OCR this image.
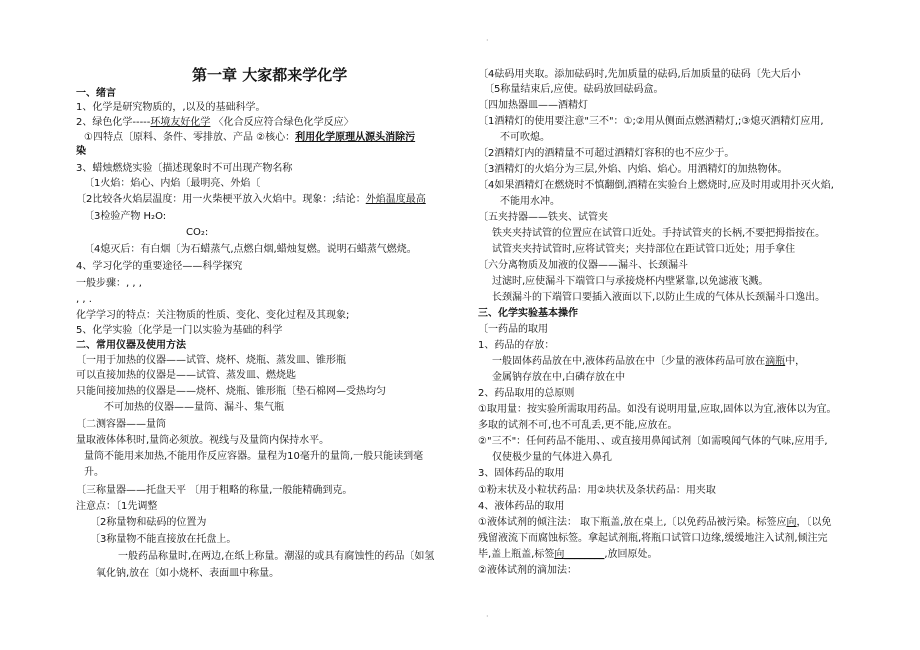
·
·

第一章 大家都来学化学

一、绪言

1、化学是研究物质的，,以及的基础科学。

2、绿色化学-----环境友好化学 〈化合反应符合绿色化学反应〉

①四特点〔原料、条件、零排放、产品 ②核心：利用化学原理从源头消除污

染

3、蜡烛燃烧实验〔描述现象时不可出现产物名称

〔1火焰：焰心、内焰〔最明亮、外焰〔

〔2比较各火焰层温度：用一火柴梗平放入火焰中。现象：;结论：外焰温度最高

〔3检验产物 H₂O:

CO₂:

〔4熄灭后：有白烟〔为石蜡蒸气,点燃白烟,蜡烛复燃。说明石蜡蒸气燃烧。

4、学习化学的重要途径——科学探究

一般步骤：, , ,

, , .

化学学习的特点：关注物质的性质、变化、变化过程及其现象;

5、化学实验〔化学是一门以实验为基础的科学

二、常用仪器及使用方法

〔一用于加热的仪器——试管、烧杯、烧瓶、蒸发皿、锥形瓶

可以直接加热的仪器是——试管、蒸发皿、燃烧匙

只能间接加热的仪器是——烧杯、烧瓶、锥形瓶〔垫石棉网—受热均匀

不可加热的仪器——量筒、漏斗、集气瓶

〔二测容器——量筒

量取液体体积时,量筒必须放。视线与及量筒内保持水平。

量筒不能用来加热,不能用作反应容器。量程为10毫升的量筒,一般只能读到毫

升。

〔三称量器——托盘天平 〔用于粗略的称量,一般能精确到克。

注意点：〔1先调整

〔2称量物和砝码的位置为

〔3称量物不能直接放在托盘上。

一般药品称量时,在两边,在纸上称量。潮湿的或具有腐蚀性的药品〔如氢

氧化钠,放在〔如小烧杯、表面皿中称量。

〔4砝码用夹取。添加砝码时,先加质量的砝码,后加质量的砝码〔先大后小

〔5称量结束后,应使。砝码放回砝码盒。

〔四加热器皿——酒精灯

〔1酒精灯的使用要注意"三不"：①;②用从侧面点燃酒精灯,;③熄灭酒精灯应用,

不可吹熄。

〔2酒精灯内的酒精量不可超过酒精灯容积的也不应少于。

〔3酒精灯的火焰分为三层,外焰、内焰、焰心。用酒精灯的加热物体。

〔4如果酒精灯在燃烧时不慎翻倒,酒精在实验台上燃烧时,应及时用或用扑灭火焰,

不能用水冲。

〔五夹持器——铁夹、试管夹

铁夹夹持试管的位置应在试管口近处。手持试管夹的长柄,不要把拇指按在。

试管夹夹持试管时,应将试管夹；夹持部位在距试管口近处；用手拿住

〔六分离物质及加液的仪器——漏斗、长颈漏斗

过滤时,应使漏斗下端管口与承接烧杯内壁紧靠,以免滤液飞溅。

长颈漏斗的下端管口要插入液面以下,以防止生成的气体从长颈漏斗口逸出。

三、化学实验基本操作

〔一药品的取用

1、药品的存放：

一般固体药品放在中,液体药品放在中〔少量的液体药品可放在滴瓶中，

金属钠存放在中,白磷存放在中

2、药品取用的总原则

①取用量：按实验所需取用药品。如没有说明用量,应取,固体以为宜,液体以为宜。

多取的试剂不可,也不可乱丢,更不能,应放在。

②"三不"：任何药品不能用、、或直接用鼻闻试剂〔如需嗅闻气体的气味,应用手,

仅使极少量的气体进入鼻孔

3、固体药品的取用

①粉末状及小粒状药品：用②块状及条状药品：用夹取

4、液体药品的取用

①液体试剂的倾注法： 取下瓶盖,放在桌上,〔以免药品被污染。标签应向，〔以免

残留液流下而腐蚀标签。拿起试剂瓶,将瓶口试管口边缘,缓缓地注入试剂,倾注完

毕,盖上瓶盖,标签向________,放回原处。

②液体试剂的滴加法：
